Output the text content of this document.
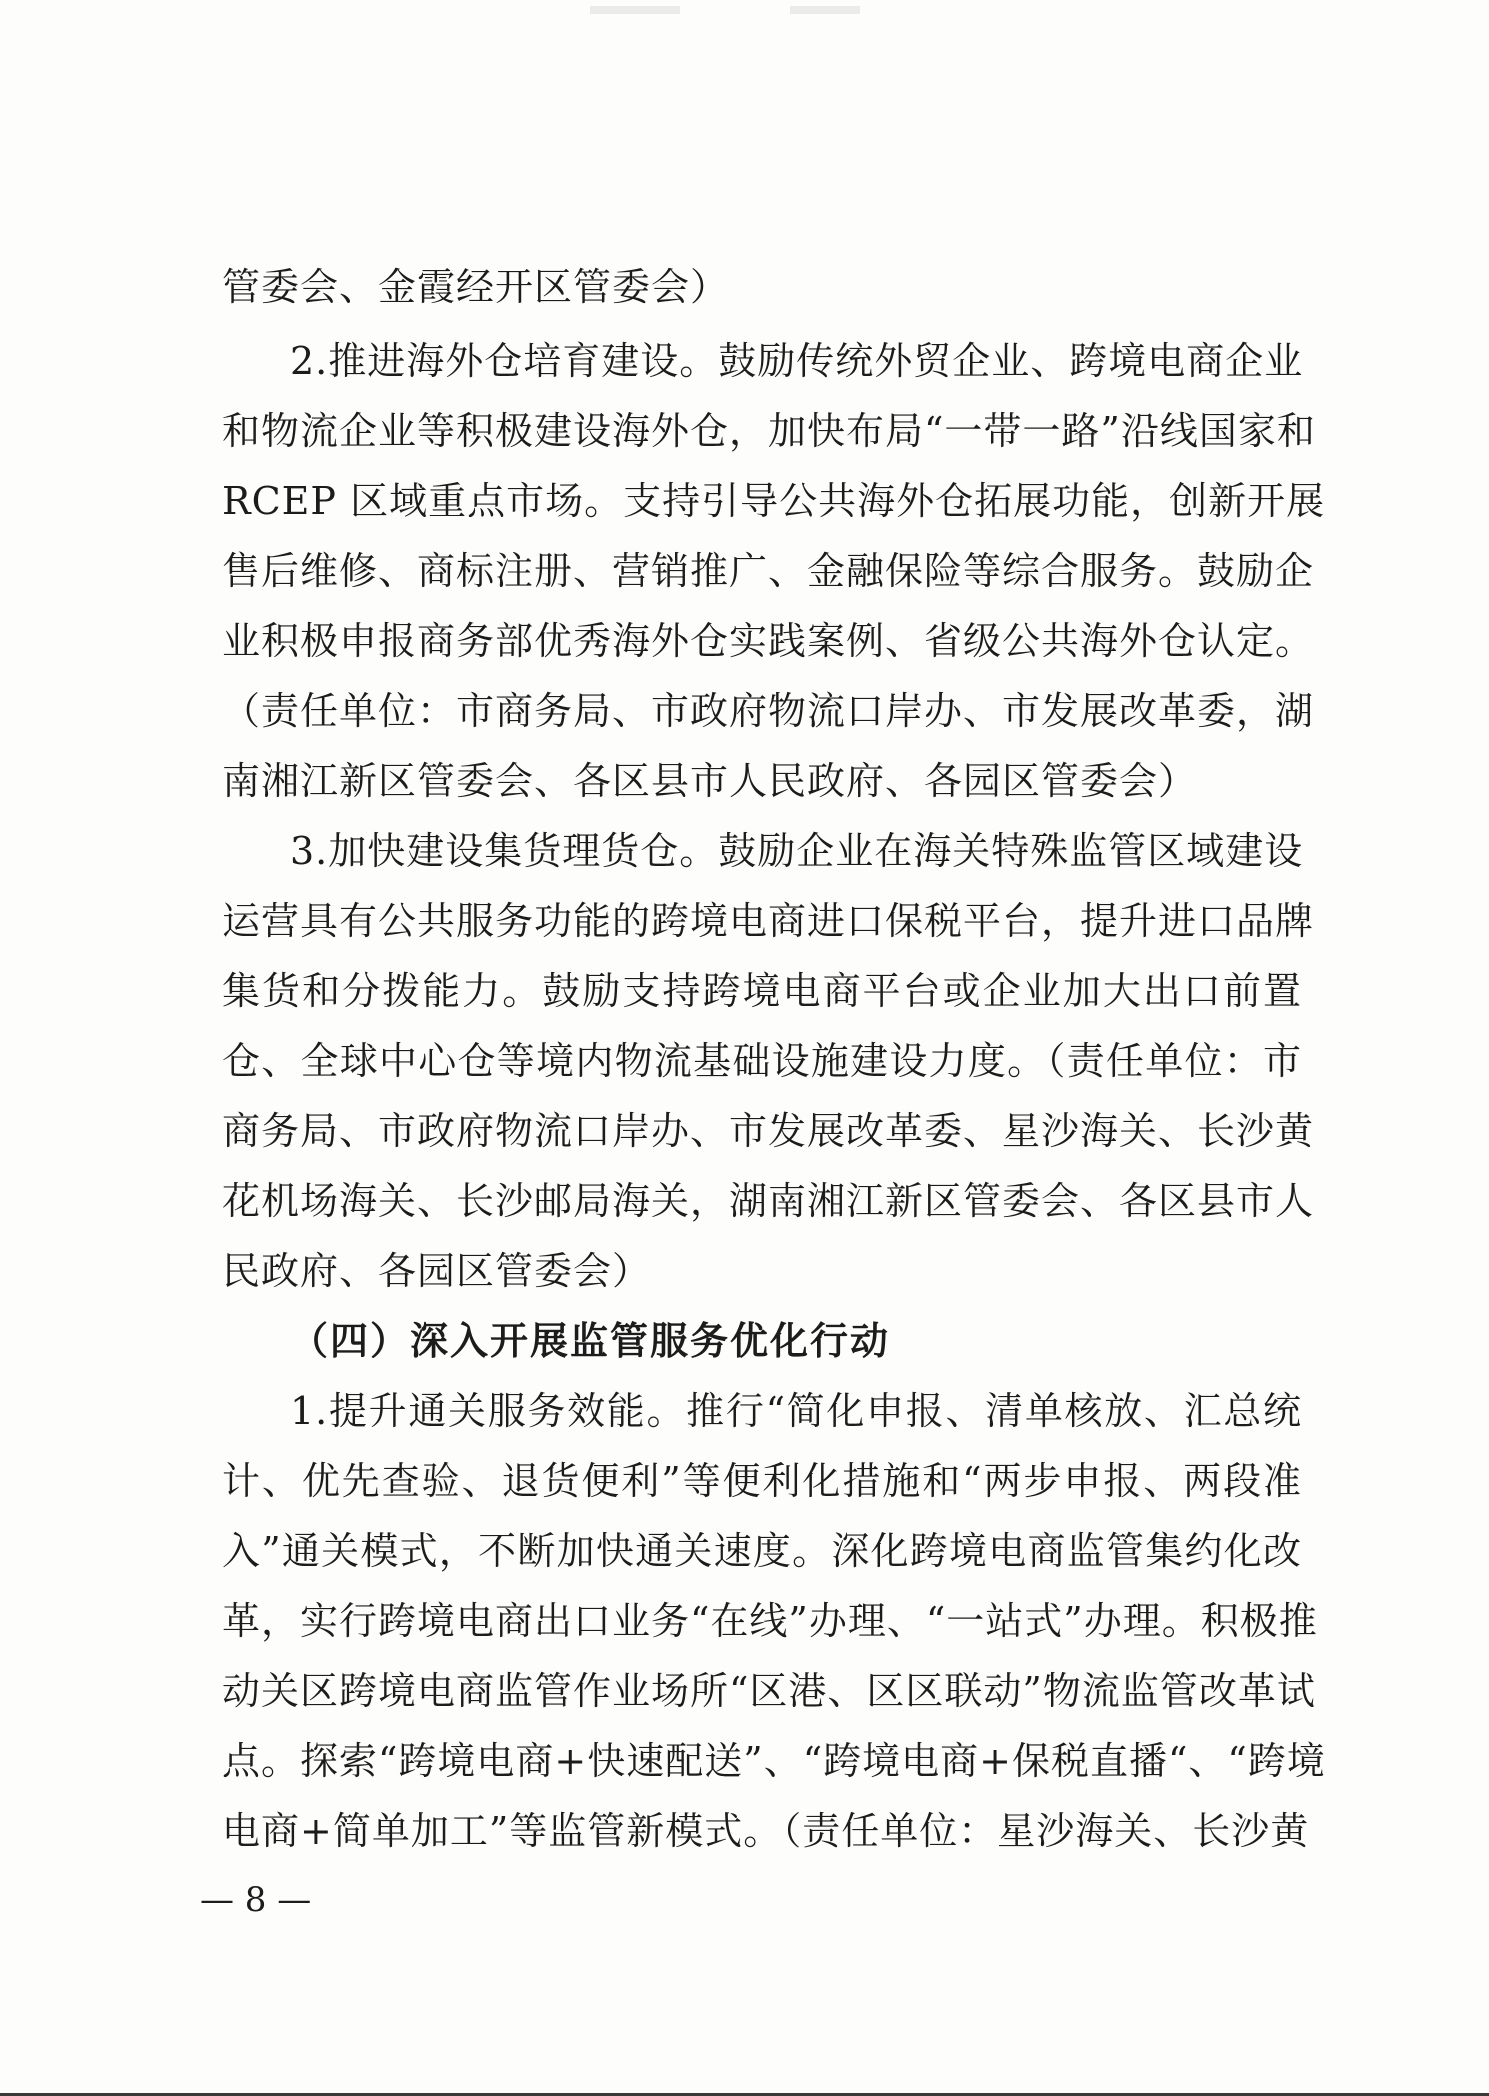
管委会、金霞经开区管委会）
2.推进海外仓培育建设。鼓励传统外贸企业、跨境电商企业
和物流企业等积极建设海外仓，加快布局“一带一路”沿线国家和
RCEP 区域重点市场。支持引导公共海外仓拓展功能，创新开展
售后维修、商标注册、营销推广、金融保险等综合服务。鼓励企
业积极申报商务部优秀海外仓实践案例、省级公共海外仓认定。
（责任单位：市商务局、市政府物流口岸办、市发展改革委，湖
南湘江新区管委会、各区县市人民政府、各园区管委会）
3.加快建设集货理货仓。鼓励企业在海关特殊监管区域建设
运营具有公共服务功能的跨境电商进口保税平台，提升进口品牌
集货和分拨能力。鼓励支持跨境电商平台或企业加大出口前置
仓、全球中心仓等境内物流基础设施建设力度。（责任单位：市
商务局、市政府物流口岸办、市发展改革委、星沙海关、长沙黄
花机场海关、长沙邮局海关，湖南湘江新区管委会、各区县市人
民政府、各园区管委会）
（四）深入开展监管服务优化行动
1.提升通关服务效能。推行“简化申报、清单核放、汇总统
计、优先查验、退货便利”等便利化措施和“两步申报、两段准
入”通关模式，不断加快通关速度。深化跨境电商监管集约化改
革，实行跨境电商出口业务“在线”办理、“一站式”办理。积极推
动关区跨境电商监管作业场所“区港、区区联动”物流监管改革试
点。探索“跨境电商+快速配送”、“跨境电商+保税直播“、“跨境
电商+简单加工”等监管新模式。（责任单位：星沙海关、长沙黄
— 8 —
